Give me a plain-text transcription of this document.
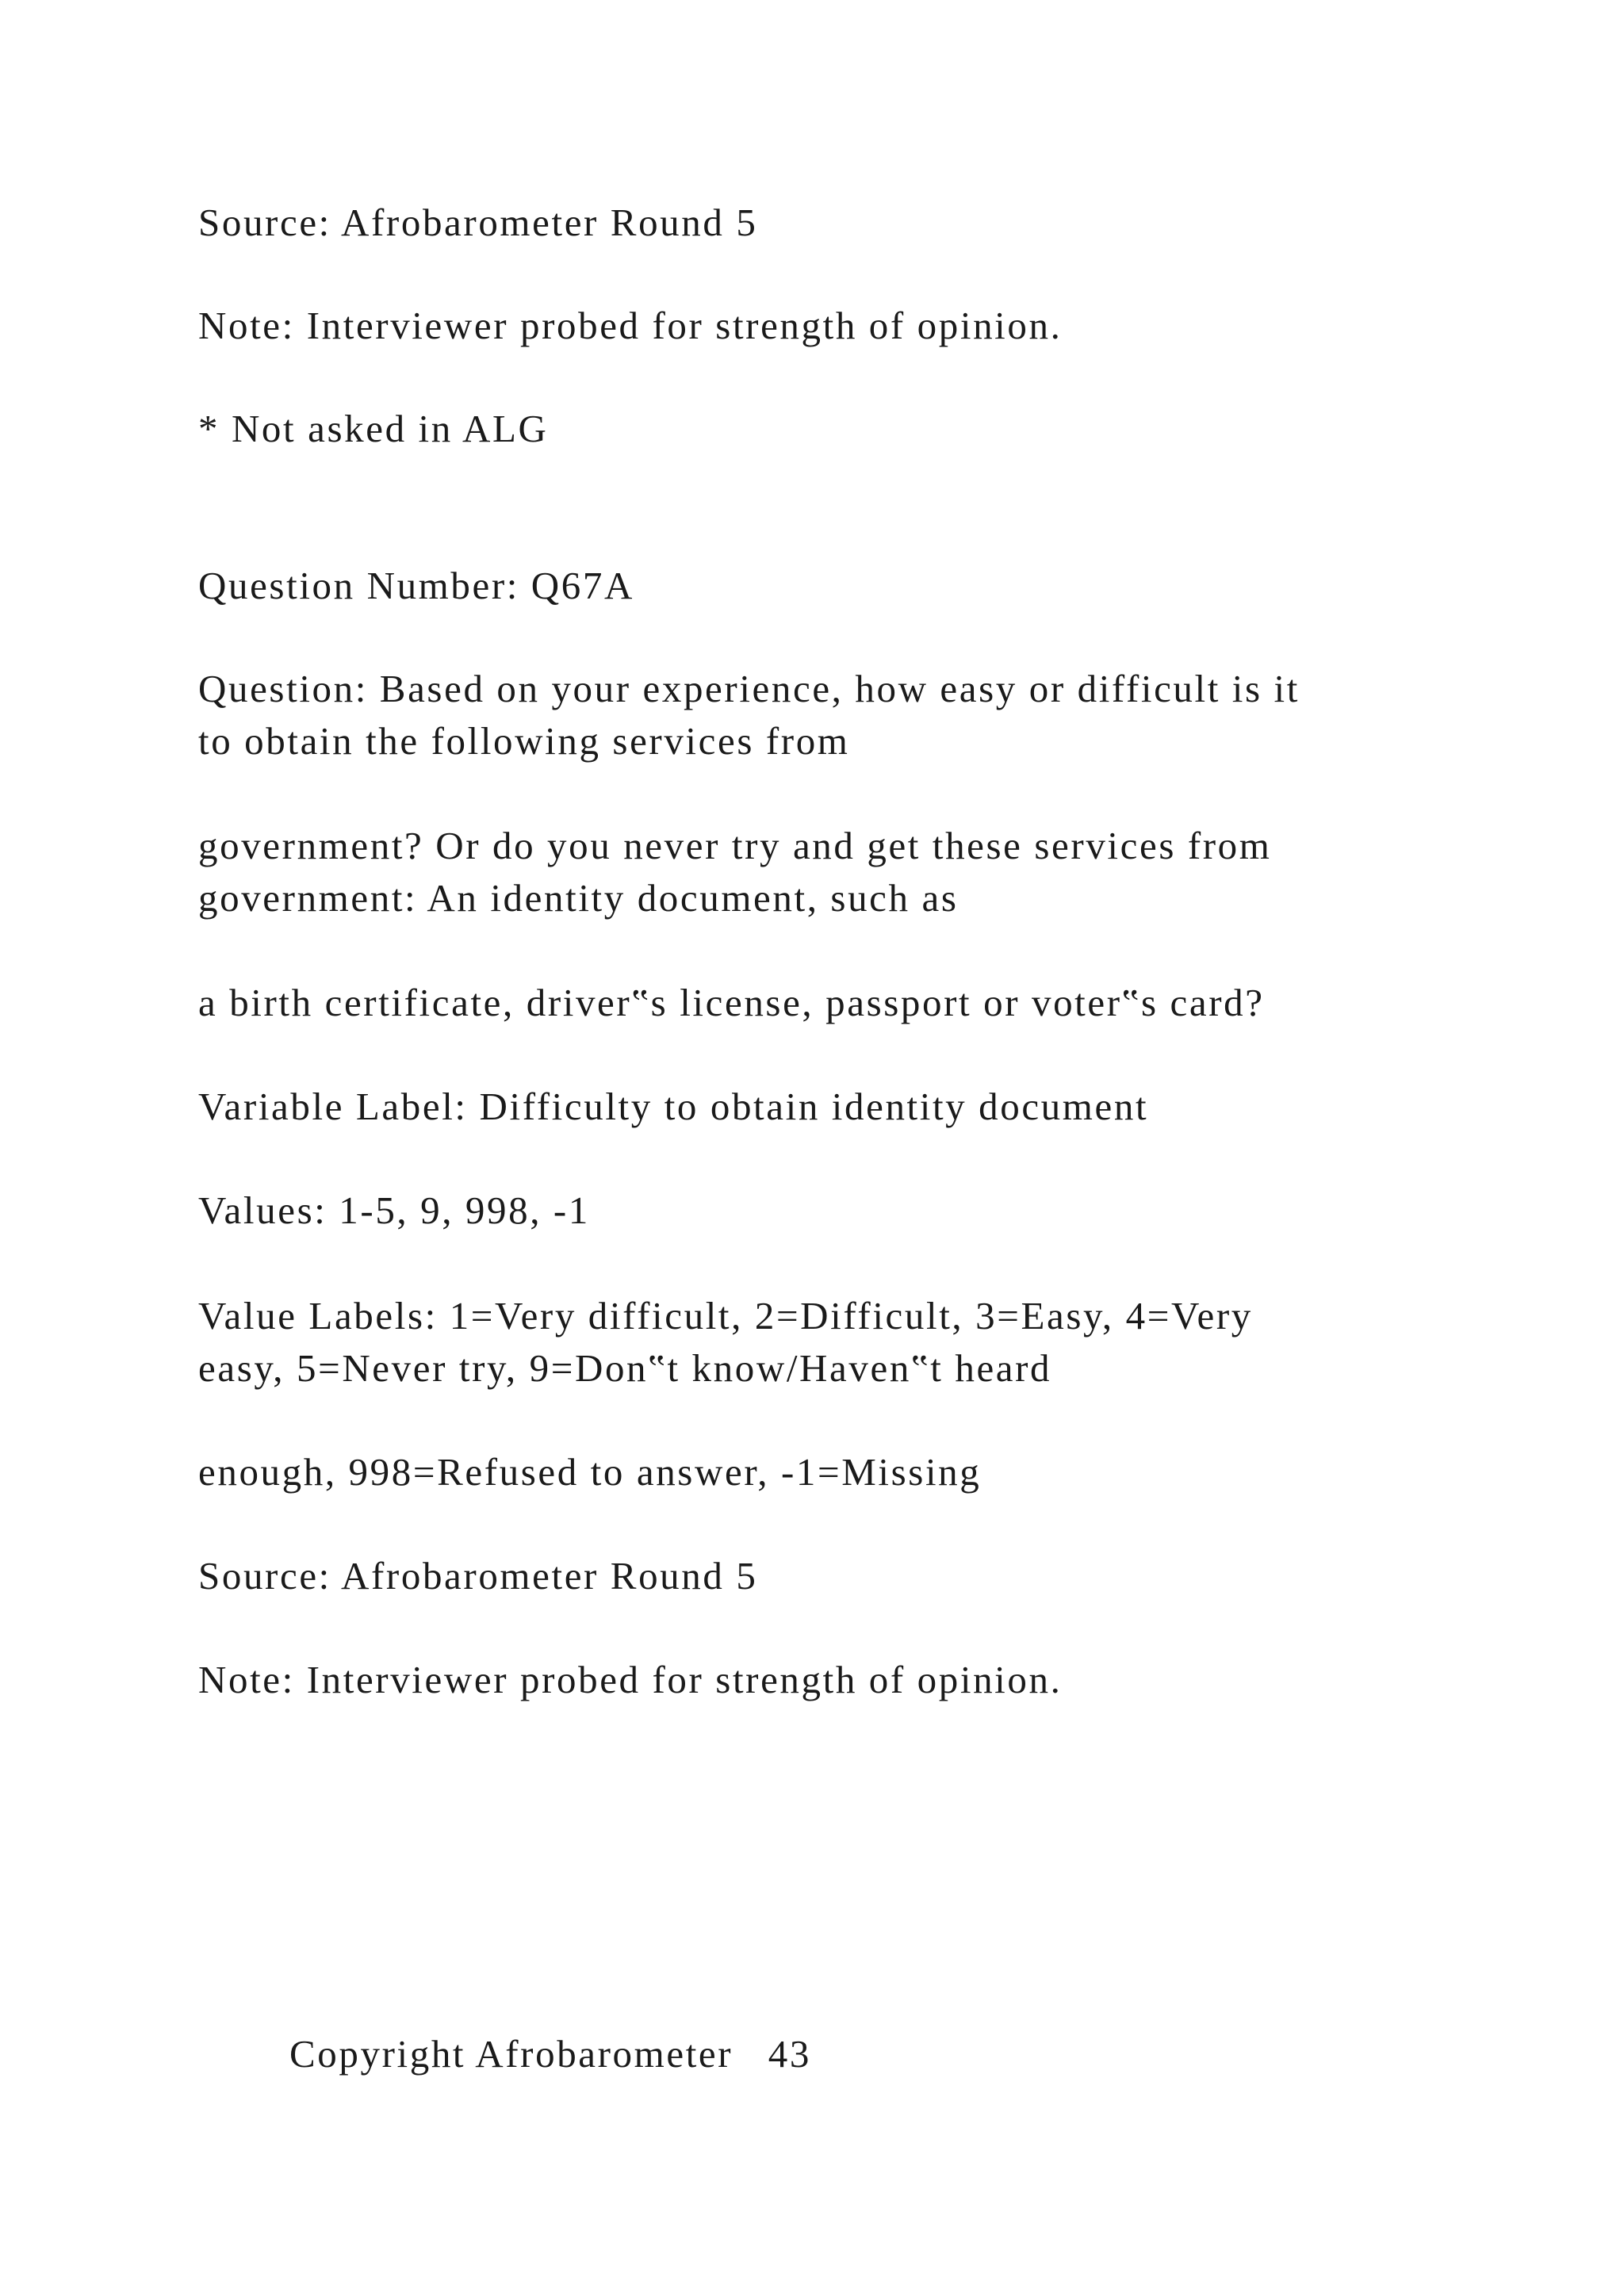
Source: Afrobarometer Round 5
Note: Interviewer probed for strength of opinion.
* Not asked in ALG
Question Number: Q67A
Question: Based on your experience, how easy or difficult is it
to obtain the following services from
government? Or do you never try and get these services from
government: An identity document, such as
a birth certificate, driver‟s license, passport or voter‟s card?
Variable Label: Difficulty to obtain identity document
Values: 1-5, 9, 998, -1
Value Labels: 1=Very difficult, 2=Difficult, 3=Easy, 4=Very
easy, 5=Never try, 9=Don‟t know/Haven‟t heard
enough, 998=Refused to answer, -1=Missing
Source: Afrobarometer Round 5
Note: Interviewer probed for strength of opinion.
Copyright Afrobarometer 43
